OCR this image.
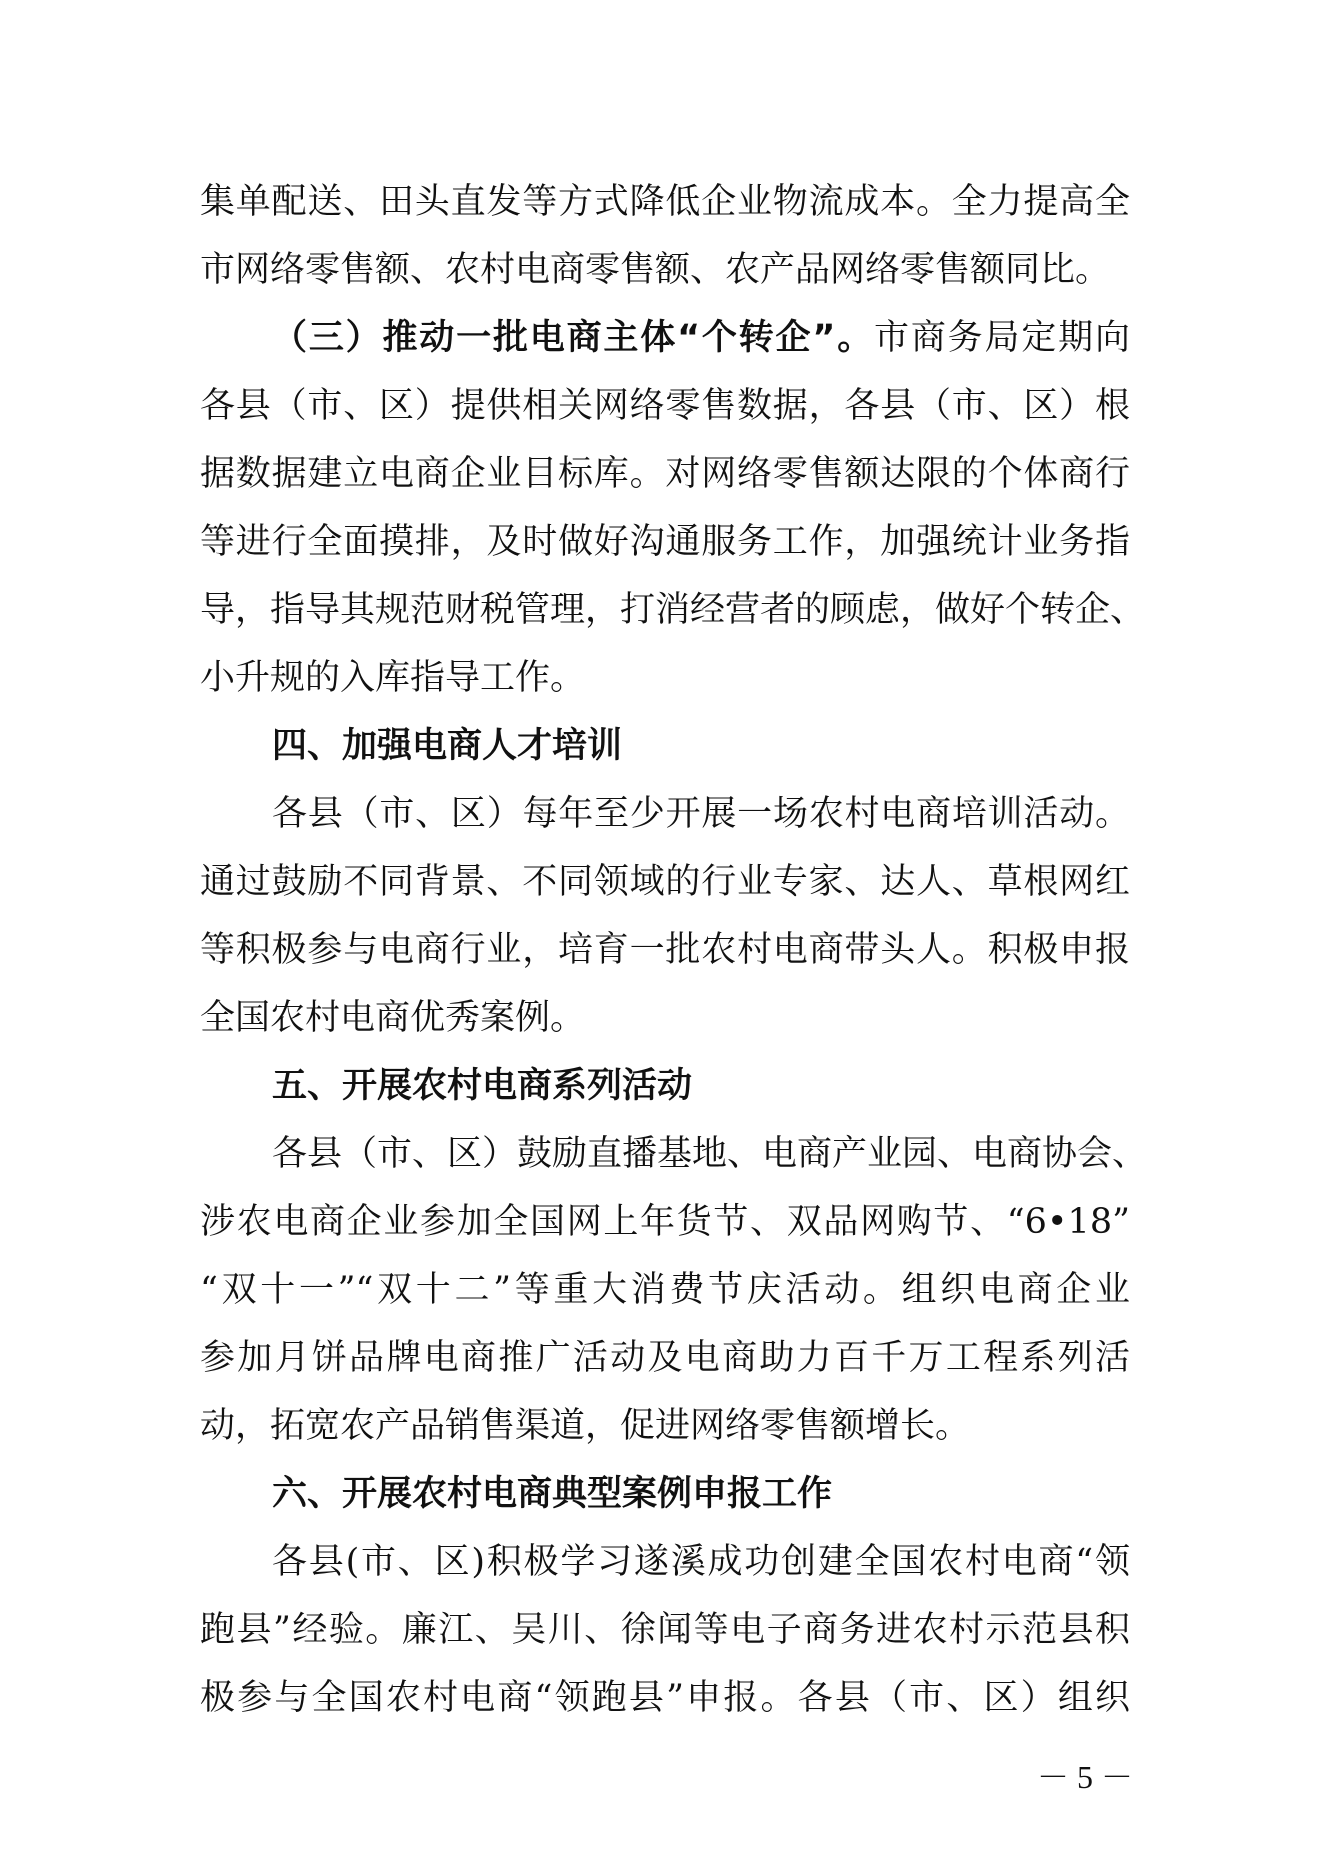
集单配送、田头直发等方式降低企业物流成本。全力提高全
市网络零售额、农村电商零售额、农产品网络零售额同比。
（三）推动一批电商主体“个转企”。市商务局定期向
各县（市、区）提供相关网络零售数据，各县（市、区）根
据数据建立电商企业目标库。对网络零售额达限的个体商行
等进行全面摸排，及时做好沟通服务工作，加强统计业务指
导，指导其规范财税管理，打消经营者的顾虑，做好个转企、
小升规的入库指导工作。
四、加强电商人才培训
各县（市、区）每年至少开展一场农村电商培训活动。
通过鼓励不同背景、不同领域的行业专家、达人、草根网红
等积极参与电商行业，培育一批农村电商带头人。积极申报
全国农村电商优秀案例。
五、开展农村电商系列活动
各县（市、区）鼓励直播基地、电商产业园、电商协会、
涉农电商企业参加全国网上年货节、双品网购节、“6•18”
“双十一”“双十二”等重大消费节庆活动。组织电商企业
参加月饼品牌电商推广活动及电商助力百千万工程系列活
动，拓宽农产品销售渠道，促进网络零售额增长。
六、开展农村电商典型案例申报工作
各县(市、区)积极学习遂溪成功创建全国农村电商“领
跑县”经验。廉江、吴川、徐闻等电子商务进农村示范县积
极参与全国农村电商“领跑县”申报。各县（市、区）组织
－ 5 －
